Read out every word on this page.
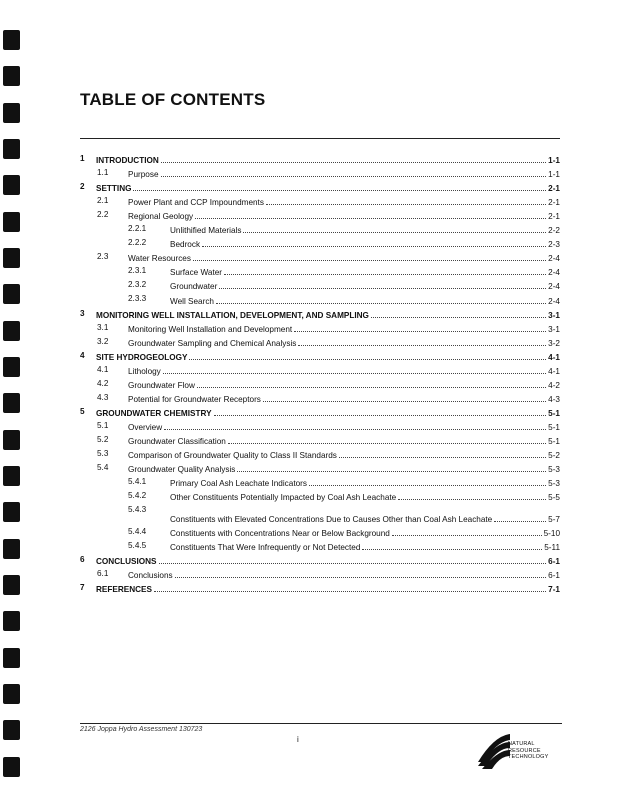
TABLE OF CONTENTS
1 INTRODUCTION	1-1
1.1 Purpose	1-1
2 SETTING	2-1
2.1 Power Plant and CCP Impoundments	2-1
2.2 Regional Geology	2-1
2.2.1	Unlithified Materials	2-2
2.2.2	Bedrock	2-3
2.3 Water Resources	2-4
2.3.1	Surface Water	2-4
2.3.2	Groundwater	2-4
2.3.3	Well Search	2-4
3 MONITORING WELL INSTALLATION, DEVELOPMENT, AND SAMPLING	3-1
3.1 Monitoring Well Installation and Development	3-1
3.2 Groundwater Sampling and Chemical Analysis	3-2
4 SITE HYDROGEOLOGY	4-1
4.1 Lithology	4-1
4.2 Groundwater Flow	4-2
4.3 Potential for Groundwater Receptors	4-3
5 GROUNDWATER CHEMISTRY	5-1
5.1 Overview	5-1
5.2 Groundwater Classification	5-1
5.3 Comparison of Groundwater Quality to Class II Standards	5-2
5.4 Groundwater Quality Analysis	5-3
5.4.1	Primary Coal Ash Leachate Indicators	5-3
5.4.2	Other Constituents Potentially Impacted by Coal Ash Leachate	5-5
5.4.3
Constituents with Elevated Concentrations Due to Causes Other than Coal Ash Leachate	5-7
5.4.4	Constituents with Concentrations Near or Below Background	5-10
5.4.5	Constituents That Were Infrequently or Not Detected	5-11
6 CONCLUSIONS	6-1
6.1 Conclusions	6-1
7 REFERENCES	7-1
2126 Joppa Hydro Assessment 130723
i	NATURAL
RESOURCE
TECHNOLOGY
